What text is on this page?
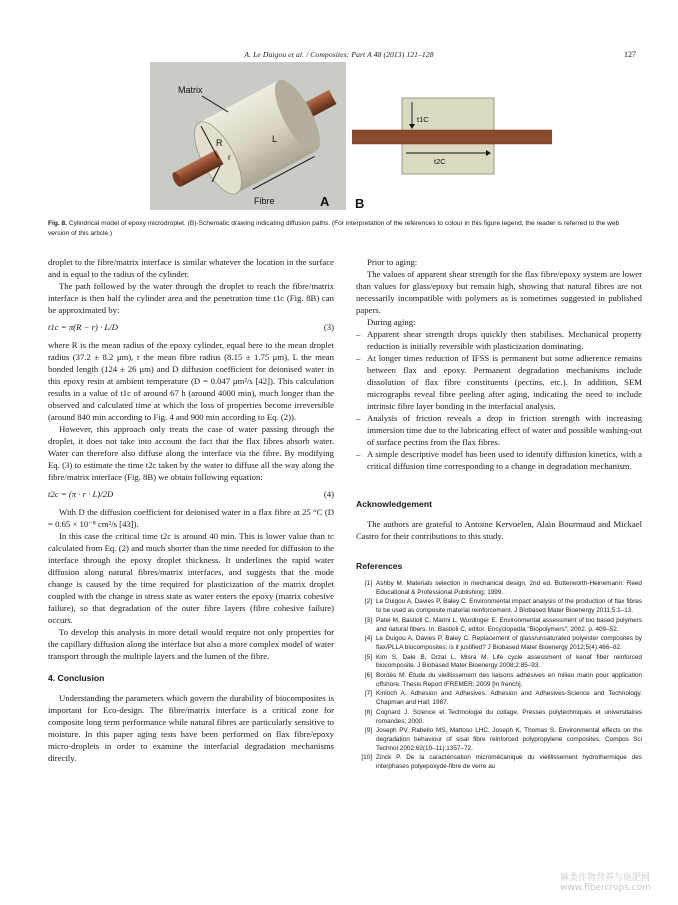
A. Le Duigou et al. / Composites: Part A 48 (2013) 121–128	127
Matrix
R	L
r
Fibre	A
t1C
t2C
B
Fig. 8. Cylindrical model of epoxy microdroplet. (B)-Schematic drawing indicating diffusion paths. (For interpretation of the references to colour in this figure legend, the reader is referred to the web version of this article.)

droplet to the fibre/matrix interface is similar whatever the location in the surface and is equal to the radius of the cylinder.

The path followed by the water through the droplet to reach the fibre/matrix interface is then half the cylinder area and the penetration time t1c (Fig. 8B) can be approximated by:

t1c = π(R − r) · L/D	(3)

where R is the mean radius of the epoxy cylinder, equal here to the mean droplet radius (37.2 ± 8.2 μm), r the mean fibre radius (8.15 ± 1.75 μm), L the mean bonded length (124 ± 26 μm) and D diffusion coefficient for deionised water in this epoxy resin at ambient temperature (D = 0.047 μm²/s [42]). This calculation results in a value of t1c of around 67 h (around 4000 min), much longer than the observed and calculated time at which the loss of properties become irreversible (around 840 min according to Fig. 4 and 900 min according to Eq. (2)).

However, this approach only treats the case of water passing through the droplet, it does not take into account the fact that the flax fibres absorb water. Water can therefore also diffuse along the interface via the fibre. By modifying Eq. (3) to estimate the time t2c taken by the water to diffuse all the way along the fibre/matrix interface (Fig. 8B) we obtain following equation:

t2c = (π · r · L)/2D	(4)

With D the diffusion coefficient for deionised water in a flax fibre at 25 °C (D = 0.65 × 10⁻⁸ cm²/s [43]).

In this case the critical time t2c is around 40 min. This is lower value than tc calculated from Eq. (2) and much shorter than the time needed for diffusion to the interface through the epoxy droplet thickness. It underlines the rapid water diffusion along natural fibres/matrix interfaces, and suggests that the mode change is caused by the time required for plasticization of the matrix droplet coupled with the change in stress state as water enters the epoxy (matrix cohesive failure), so that degradation of the outer fibre layers (fibre cohesive failure) occurs.

To develop this analysis in more detail would require not only properties for the capillary diffusion along the interface but also a more complex model of water transport through the multiple layers and the lumen of the fibre.

4. Conclusion

Understanding the parameters which govern the durability of biocomposites is important for Eco-design. The fibre/matrix interface is a critical zone for composite long term performance while natural fibres are particularly sensitive to moisture. In this paper aging tests have been performed on flax fibre/epoxy micro-droplets in order to examine the interfacial degradation mechanisms directly.

Prior to aging:

The values of apparent shear strength for the flax fibre/epoxy system are lower than values for glass/epoxy but remain high, showing that natural fibres are not necessarily incompatible with polymers as is sometimes suggested in published papers.

During aging:

– Apparent shear strength drops quickly then stabilises. Mechanical property reduction is initially reversible with plasticization dominating.
– At longer times reduction of IFSS is permanent but some adherence remains between flax and epoxy. Permanent degradation mechanisms include dissolution of flax fibre constituents (pectins, etc.). In addition, SEM micrographs reveal fibre peeling after aging, indicating the need to include intrinsic fibre layer bonding in the interfacial analysis.
– Analysis of friction reveals a drop in friction strength with increasing immersion time due to the lubricating effect of water and possible washing-out of surface pectins from the flax fibres.
– A simple descriptive model has been used to identify diffusion kinetics, with a critical diffusion time corresponding to a change in degradation mechanism.
Acknowledgement

The authors are grateful to Antoine Kervoelen, Alain Bourmaud and Mickael Castro for their contributions to this study.

References
[1] Ashby M. Materials selection in mechanical design. 2nd ed. Butterworth-Heinemann: Reed Educational & Professional Publishing; 1999.
[2] Le Duigou A, Davies P, Baley C. Environmental impact analysis of the production of flax fibres to be used as composite material reinforcement. J Biobased Mater Bioenergy 2011;5:1–13.
[3] Patel M, Bastioli C, Marini L, Wurdinger E. Environmental assessment of bio based polymers and natural fibers. In: Bastioli C, editor. Encyclopedia "Biopolymers"; 2002. p. 409–52.
[4] Le Duigou A, Davies P, Baley C. Replacement of glass/unsaturated polyester composites by flax/PLLA biocomposites: is it justified? J Biobased Mater Bioenergy 2012;5(4):466–82.
[5] Kim S, Dale B, Drzal L, Misra M. Life cycle assessment of kenaf fiber reinforced biocomposite. J Biobased Mater Bioenergy 2008;2:85–93.
[6] Bordès M. Etude du vieillissement des liaisons adhésives en milieu marin pour application offshore. Thesis Report IFREMER; 2009 [In french].
[7] Kinloch A. Adhesion and Adhesives. Adhesion and Adhesives-Science and Technology. Chapman and Hall; 1987.
[8] Cognard J. Science et Technologie du collage. Presses polytechniques et universitaires romandes; 2000.
[9] Joseph PV, Rabello MS, Mattoso LHC, Joseph K, Thomas S. Environmental effects on the degradation behaviour of sisal fibre reinforced polypropylene composites. Compos Sci Technol 2002;62(10–11):1357–72.
[10] Zinck P. De la caractérisation micromécanique du vieillissement hydrothermique des interphases polyepoxyde-fibre de verre au
麻类作物营养与施肥网
www.fibercrops.com
